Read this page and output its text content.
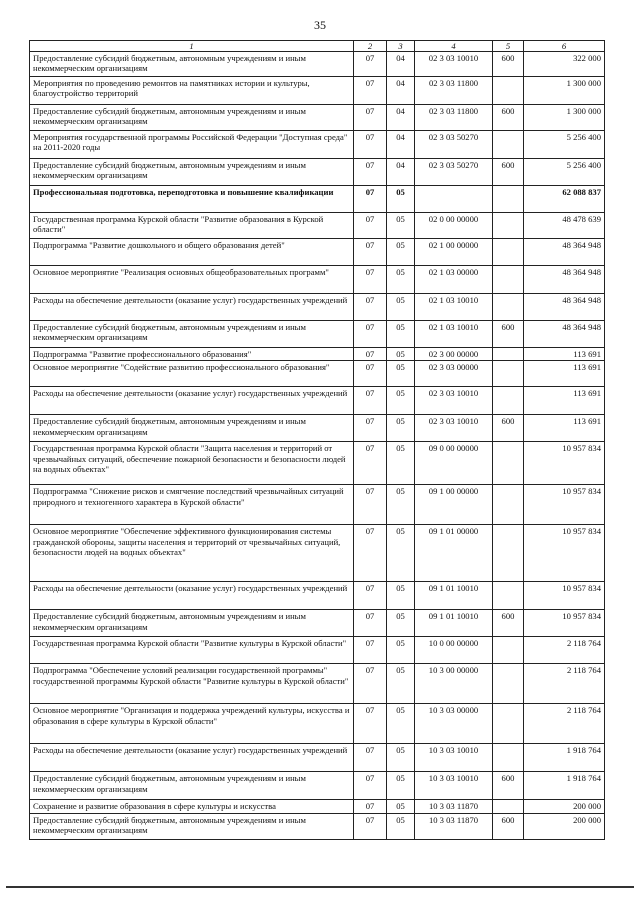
35
1	2	3	4	5	6
Предоставление субсидий бюджетным, автономным учреждениям и иным некоммерческим организациям	07	04	02 3 03 10010	600	322 000
Мероприятия по проведению ремонтов на памятниках истории и культуры, благоустройство территорий	07	04	02 3 03 11800		1 300 000
Предоставление субсидий бюджетным, автономным учреждениям и иным некоммерческим организациям	07	04	02 3 03 11800	600	1 300 000
Мероприятия государственной программы Российской Федерации "Доступная среда" на 2011-2020 годы	07	04	02 3 03 50270		5 256 400
Предоставление субсидий бюджетным, автономным учреждениям и иным некоммерческим организациям	07	04	02 3 03 50270	600	5 256 400
Профессиональная подготовка, переподготовка и повышение квалификации	07	05			62 088 837
Государственная программа Курской области "Развитие образования в Курской области"	07	05	02 0 00 00000		48 478 639
Подпрограмма "Развитие дошкольного и общего образования детей"	07	05	02 1 00 00000		48 364 948
Основное мероприятие "Реализация основных общеобразовательных программ"	07	05	02 1 03 00000		48 364 948
Расходы на обеспечение деятельности (оказание услуг) государственных учреждений	07	05	02 1 03 10010		48 364 948
Предоставление субсидий бюджетным, автономным учреждениям и иным некоммерческим организациям	07	05	02 1 03 10010	600	48 364 948
Подпрограмма "Развитие профессионального образования"	07	05	02 3 00 00000		113 691
Основное мероприятие "Содействие развитию профессионального образования"	07	05	02 3 03 00000		113 691
Расходы на обеспечение деятельности (оказание услуг) государственных учреждений	07	05	02 3 03 10010		113 691
Предоставление субсидий бюджетным, автономным учреждениям и иным некоммерческим организациям	07	05	02 3 03 10010	600	113 691
Государственная программа Курской области "Защита населения и территорий от чрезвычайных ситуаций, обеспечение пожарной безопасности и безопасности людей на водных объектах"	07	05	09 0 00 00000		10 957 834
Подпрограмма "Снижение рисков и смягчение последствий чрезвычайных ситуаций природного и техногенного характера в Курской области"	07	05	09 1 00 00000		10 957 834
Основное мероприятие "Обеспечение эффективного функционирования системы гражданской обороны, защиты населения и территорий от чрезвычайных ситуаций, безопасности людей на водных объектах"	07	05	09 1 01 00000		10 957 834
Расходы на обеспечение деятельности (оказание услуг) государственных учреждений	07	05	09 1 01 10010		10 957 834
Предоставление субсидий бюджетным, автономным учреждениям и иным некоммерческим организациям	07	05	09 1 01 10010	600	10 957 834
Государственная программа Курской области "Развитие культуры в Курской области"	07	05	10 0 00 00000		2 118 764
Подпрограмма "Обеспечение условий реализации государственной программы" государственной программы Курской области "Развитие культуры в Курской области"	07	05	10 3 00 00000		2 118 764
Основное мероприятие "Организация и поддержка учреждений культуры, искусства и образования в сфере культуры в Курской области"	07	05	10 3 03 00000		2 118 764
Расходы на обеспечение деятельности (оказание услуг) государственных учреждений	07	05	10 3 03 10010		1 918 764
Предоставление субсидий бюджетным, автономным учреждениям и иным некоммерческим организациям	07	05	10 3 03 10010	600	1 918 764
Сохранение и развитие образования в сфере культуры и искусства	07	05	10 3 03 11870		200 000
Предоставление субсидий бюджетным, автономным учреждениям и иным некоммерческим организациям	07	05	10 3 03 11870	600	200 000
